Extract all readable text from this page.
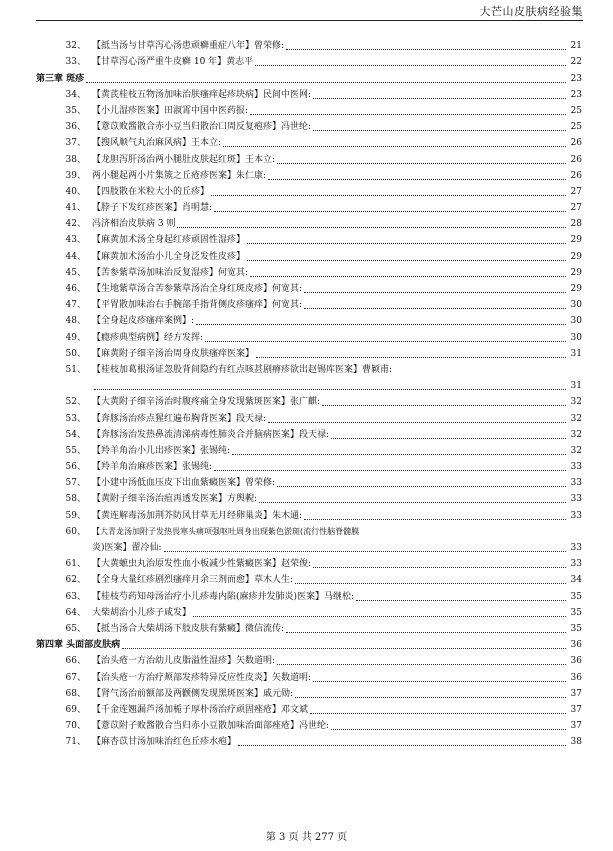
大芒山皮肤病经验集
32、 【抵当汤与甘草泻心汤患顽癣重症八年】曾荣修:	21
33、 【甘草泻心汤严重牛皮癣 10 年】黄志平	22
第三章 斑疹	23
34、 【黄芪桂枝五物汤加味治肤瘙痒起疹块病】民间中医网:	23
35、 【小儿湿疹医案】田淑霄中国中医药报:	25
36、 【薏苡败酱散合赤小豆当归散治口周反复疱疹】冯世纶:	25
37、 【搜风顺气丸治麻风病】王本立:	26
38、 【龙胆泻肝汤治两小腿肚皮肤起红斑】王本立:	26
39、 两小腿起两小片集簇之丘疮疹医案】朱仁康:	26
40、 【四肢散在米粒大小的丘疹】	27
41、 【脖子下发红疹医案】肖明慧:	27
42、 冯济相治皮肤病 3 则	28
43、 【麻黄加术汤全身起红疹顽固性湿疹】	29
44、 【麻黄加术汤治小儿全身泛发性皮疹】	29
45、 【苦参紫草汤加味治反复湿疹】何宽其:	29
46、 【生地紫草汤合苦参紫草汤治全身红斑皮疹】何宽其:	29
47、 【平胃散加味治右手腕部手指背侧皮疹瘙痒】何宽其:	30
48、 【全身起皮疹瘙痒案例】:	30
49、 【瘾疹典型病例】经方发挥:	30
50、 【麻黄附子细辛汤治周身皮肤瘙痒医案】	31
51、 【桂枝加葛根汤证忽股背间隐约有红点咳甚剧瘠疹欲出赵锡库医案】曹颖甫:
31
52、 【大黄附子细辛汤治时腹疼痛全身发现紫斑医案】张广麒:	32
53、 【奔豚汤治疹点猩红遍布胸背医案】段天禄:	32
54、 【奔豚汤治发热鼻流清涕病毒性肺炎合并脑病医案】段天禄:	32
55、 【羚羊角治小儿出疹医案】张锡纯:	32
56、 【羚羊角治麻疹医案】张锡纯:	33
57、 【小建中汤低血压皮下出血紫癜医案】曾荣修:	33
58、 【黄附子细辛汤治疽再透发医案】方舆輗:	33
59、 【黄连解毒汤加荆芥防风甘草无月经卵巢炎】朱木通:	33
60、 【大青龙汤加附子发热畏寒头痛项强呕吐周身出现紫色淤斑(流行性脑脊髓膜
炎)医案】翟冷仙:	33
61、 【大黄蟅虫丸治原发性血小板减少性紫癜医案】赵荣俊:	33
62、 【全身大量红疹剧烈瘙痒月余三剂而愈】草木人生:	34
63、 【桂枝芍药知母汤治疗小儿疹毒内陷(麻疹并发肺炎)医案】马继松:	35
64、 大柴胡治小儿疹子咸发】	35
65、 【抵当汤合大柴胡汤下肢皮肤有紫癜】微信流传:	35
第四章 头面部皮肤病	36
66、 【治头疮一方治幼儿皮脂溢性湿疹】矢数道明:	36
67、 【治头疮一方治疗颊部发疹特异反应性皮炎】矢数道明:	36
68、 【肾气汤治前额部及两颧侧发现黑斑医案】戚元勋:	37
69、 【千金连翘漏芦汤加栀子厚朴汤治疗顽固痤疮】邓文斌	37
70、 【薏苡附子败酱散合当归赤小豆散加味治面部痤疮】冯世纶:	37
71、 【麻杏苡甘汤加味治红色丘疹水疱】	38
第 3 页 共 277 页
